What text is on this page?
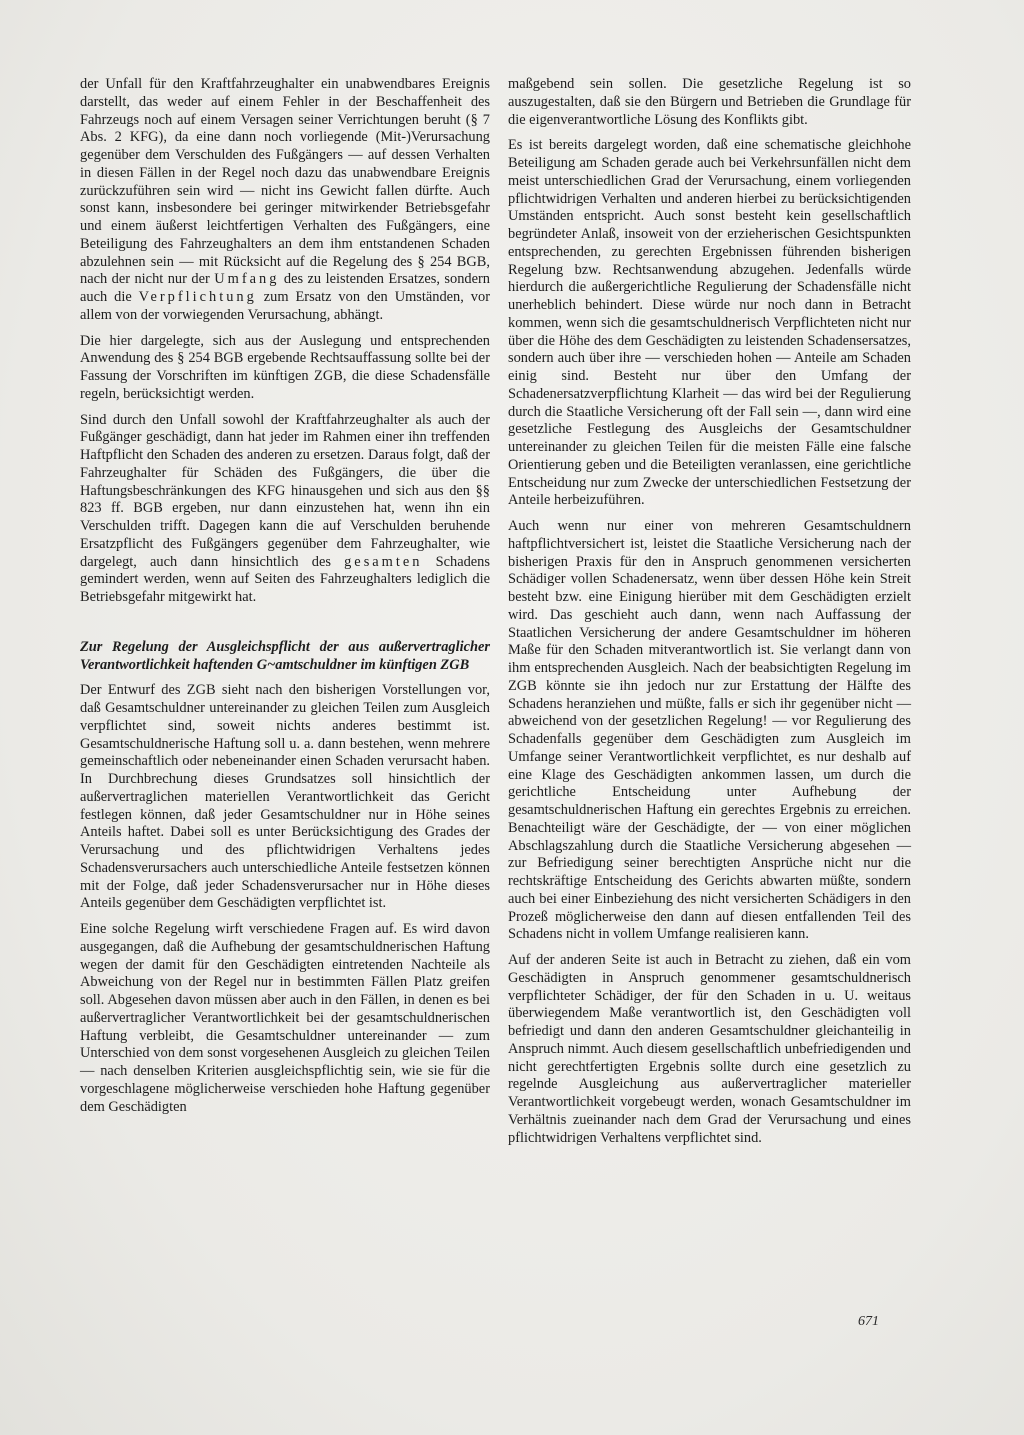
der Unfall für den Kraftfahrzeughalter ein unabwendbares Ereignis darstellt, das weder auf einem Fehler in der Beschaffenheit des Fahrzeugs noch auf einem Versagen seiner Verrichtungen beruht (§ 7 Abs. 2 KFG), da eine dann noch vorliegende (Mit-)Verursachung gegenüber dem Verschulden des Fußgängers — auf dessen Verhalten in diesen Fällen in der Regel noch dazu das unabwendbare Ereignis zurückzuführen sein wird — nicht ins Gewicht fallen dürfte. Auch sonst kann, insbesondere bei geringer mitwirkender Betriebsgefahr und einem äußerst leichtfertigen Verhalten des Fußgängers, eine Beteiligung des Fahrzeughalters an dem ihm entstandenen Schaden abzulehnen sein — mit Rücksicht auf die Regelung des § 254 BGB, nach der nicht nur der Umfang des zu leistenden Ersatzes, sondern auch die Verpflichtung zum Ersatz von den Umständen, vor allem von der vorwiegenden Verursachung, abhängt.

Die hier dargelegte, sich aus der Auslegung und entsprechenden Anwendung des § 254 BGB ergebende Rechtsauffassung sollte bei der Fassung der Vorschriften im künftigen ZGB, die diese Schadensfälle regeln, berücksichtigt werden.

Sind durch den Unfall sowohl der Kraftfahrzeughalter als auch der Fußgänger geschädigt, dann hat jeder im Rahmen einer ihn treffenden Haftpflicht den Schaden des anderen zu ersetzen. Daraus folgt, daß der Fahrzeughalter für Schäden des Fußgängers, die über die Haftungsbeschränkungen des KFG hinausgehen und sich aus den §§ 823 ff. BGB ergeben, nur dann einzustehen hat, wenn ihn ein Verschulden trifft. Dagegen kann die auf Verschulden beruhende Ersatzpflicht des Fußgängers gegenüber dem Fahrzeughalter, wie dargelegt, auch dann hinsichtlich des gesamten Schadens gemindert werden, wenn auf Seiten des Fahrzeughalters lediglich die Betriebsgefahr mitgewirkt hat.

Zur Regelung der Ausgleichspflicht der aus außervertraglicher Verantwortlichkeit haftenden G~amtschuldner im künftigen ZGB

Der Entwurf des ZGB sieht nach den bisherigen Vorstellungen vor, daß Gesamtschuldner untereinander zu gleichen Teilen zum Ausgleich verpflichtet sind, soweit nichts anderes bestimmt ist. Gesamtschuldnerische Haftung soll u. a. dann bestehen, wenn mehrere gemeinschaftlich oder nebeneinander einen Schaden verursacht haben. In Durchbrechung dieses Grundsatzes soll hinsichtlich der außervertraglichen materiellen Verantwortlichkeit das Gericht festlegen können, daß jeder Gesamtschuldner nur in Höhe seines Anteils haftet. Dabei soll es unter Berücksichtigung des Grades der Verursachung und des pflichtwidrigen Verhaltens jedes Schadensverursachers auch unterschiedliche Anteile festsetzen können mit der Folge, daß jeder Schadensverursacher nur in Höhe dieses Anteils gegenüber dem Geschädigten verpflichtet ist.

Eine solche Regelung wirft verschiedene Fragen auf. Es wird davon ausgegangen, daß die Aufhebung der gesamtschuldnerischen Haftung wegen der damit für den Geschädigten eintretenden Nachteile als Abweichung von der Regel nur in bestimmten Fällen Platz greifen soll. Abgesehen davon müssen aber auch in den Fällen, in denen es bei außervertraglicher Verantwortlichkeit bei der gesamtschuldnerischen Haftung verbleibt, die Gesamtschuldner untereinander — zum Unterschied von dem sonst vorgesehenen Ausgleich zu gleichen Teilen — nach denselben Kriterien ausgleichspflichtig sein, wie sie für die vorgeschlagene möglicherweise verschieden hohe Haftung gegenüber dem Geschädigten

maßgebend sein sollen. Die gesetzliche Regelung ist so auszugestalten, daß sie den Bürgern und Betrieben die Grundlage für die eigenverantwortliche Lösung des Konflikts gibt.

Es ist bereits dargelegt worden, daß eine schematische gleichhohe Beteiligung am Schaden gerade auch bei Verkehrsunfällen nicht dem meist unterschiedlichen Grad der Verursachung, einem vorliegenden pflichtwidrigen Verhalten und anderen hierbei zu berücksichtigenden Umständen entspricht. Auch sonst besteht kein gesellschaftlich begründeter Anlaß, insoweit von der erzieherischen Gesichtspunkten entsprechenden, zu gerechten Ergebnissen führenden bisherigen Regelung bzw. Rechtsanwendung abzugehen. Jedenfalls würde hierdurch die außergerichtliche Regulierung der Schadensfälle nicht unerheblich behindert. Diese würde nur noch dann in Betracht kommen, wenn sich die gesamtschuldnerisch Verpflichteten nicht nur über die Höhe des dem Geschädigten zu leistenden Schadensersatzes, sondern auch über ihre — verschieden hohen — Anteile am Schaden einig sind. Besteht nur über den Umfang der Schadenersatzverpflichtung Klarheit — das wird bei der Regulierung durch die Staatliche Versicherung oft der Fall sein —, dann wird eine gesetzliche Festlegung des Ausgleichs der Gesamtschuldner untereinander zu gleichen Teilen für die meisten Fälle eine falsche Orientierung geben und die Beteiligten veranlassen, eine gerichtliche Entscheidung nur zum Zwecke der unterschiedlichen Festsetzung der Anteile herbeizuführen.

Auch wenn nur einer von mehreren Gesamtschuldnern haftpflichtversichert ist, leistet die Staatliche Versicherung nach der bisherigen Praxis für den in Anspruch genommenen versicherten Schädiger vollen Schadenersatz, wenn über dessen Höhe kein Streit besteht bzw. eine Einigung hierüber mit dem Geschädigten erzielt wird. Das geschieht auch dann, wenn nach Auffassung der Staatlichen Versicherung der andere Gesamtschuldner im höheren Maße für den Schaden mitverantwortlich ist. Sie verlangt dann von ihm entsprechenden Ausgleich. Nach der beabsichtigten Regelung im ZGB könnte sie ihn jedoch nur zur Erstattung der Hälfte des Schadens heranziehen und müßte, falls er sich ihr gegenüber nicht — abweichend von der gesetzlichen Regelung! — vor Regulierung des Schadenfalls gegenüber dem Geschädigten zum Ausgleich im Umfange seiner Verantwortlichkeit verpflichtet, es nur deshalb auf eine Klage des Geschädigten ankommen lassen, um durch die gerichtliche Entscheidung unter Aufhebung der gesamtschuldnerischen Haftung ein gerechtes Ergebnis zu erreichen. Benachteiligt wäre der Geschädigte, der — von einer möglichen Abschlagszahlung durch die Staatliche Versicherung abgesehen — zur Befriedigung seiner berechtigten Ansprüche nicht nur die rechtskräftige Entscheidung des Gerichts abwarten müßte, sondern auch bei einer Einbeziehung des nicht versicherten Schädigers in den Prozeß möglicherweise den dann auf diesen entfallenden Teil des Schadens nicht in vollem Umfange realisieren kann.

Auf der anderen Seite ist auch in Betracht zu ziehen, daß ein vom Geschädigten in Anspruch genommener gesamtschuldnerisch verpflichteter Schädiger, der für den Schaden in u. U. weitaus überwiegendem Maße verantwortlich ist, den Geschädigten voll befriedigt und dann den anderen Gesamtschuldner gleichanteilig in Anspruch nimmt. Auch diesem gesellschaftlich unbefriedigenden und nicht gerechtfertigten Ergebnis sollte durch eine gesetzlich zu regelnde Ausgleichung aus außervertraglicher materieller Verantwortlichkeit vorgebeugt werden, wonach Gesamtschuldner im Verhältnis zueinander nach dem Grad der Verursachung und eines pflichtwidrigen Verhaltens verpflichtet sind.

671
